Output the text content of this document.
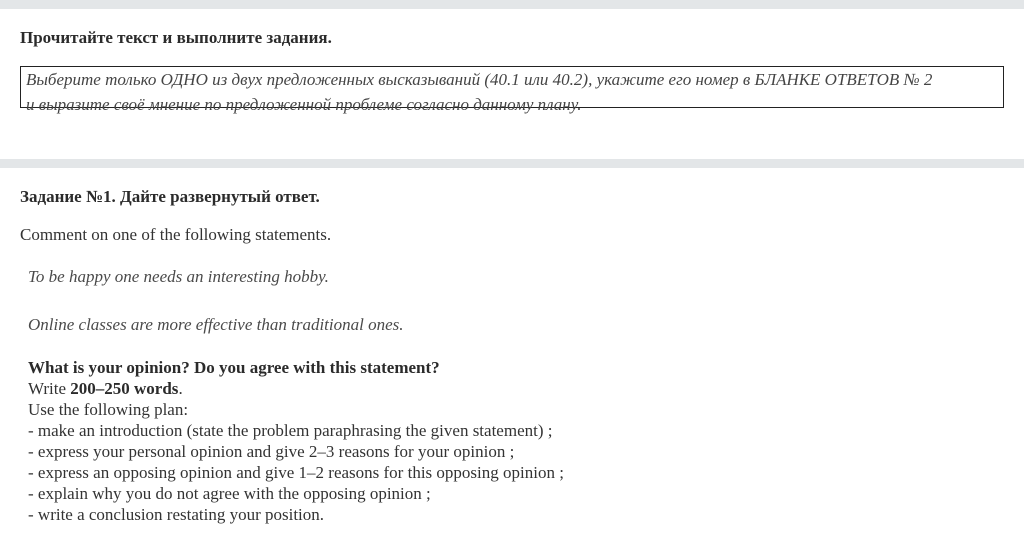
Прочитайте текст и выполните задания.
Выберите только ОДНО из двух предложенных высказываний (40.1 или 40.2), укажите его номер в БЛАНКЕ ОТВЕТОВ № 2
и выразите своё мнение по предложенной проблеме согласно данному плану.
Задание №1. Дайте развернутый ответ.
Comment on one of the following statements.
To be happy one needs an interesting hobby.
Online classes are more effective than traditional ones.
What is your opinion? Do you agree with this statement?
Write 200–250 words.
Use the following plan:
- make an introduction (state the problem paraphrasing the given statement) ;
- express your personal opinion and give 2–3 reasons for your opinion ;
- express an opposing opinion and give 1–2 reasons for this opposing opinion ;
- explain why you do not agree with the opposing opinion ;
- write a conclusion restating your position.
